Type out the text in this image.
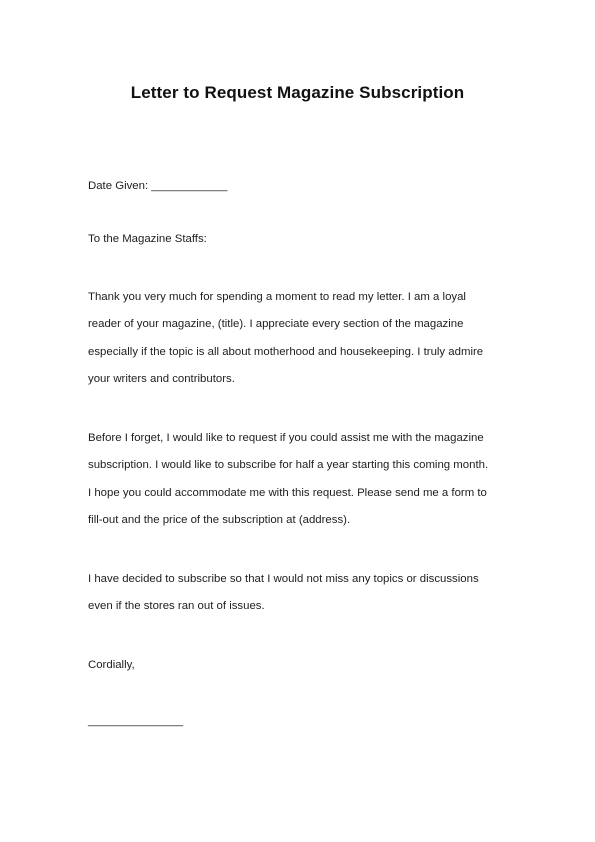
Letter to Request Magazine Subscription

Date Given: ____________

To the Magazine Staffs:

Thank you very much for spending a moment to read my letter. I am a loyal
reader of your magazine, (title). I appreciate every section of the magazine
especially if the topic is all about motherhood and housekeeping. I truly admire
your writers and contributors.

Before I forget, I would like to request if you could assist me with the magazine
subscription. I would like to subscribe for half a year starting this coming month.
I hope you could accommodate me with this request. Please send me a form to
fill-out and the price of the subscription at (address).

I have decided to subscribe so that I would not miss any topics or discussions
even if the stores ran out of issues.

Cordially,

_______________
